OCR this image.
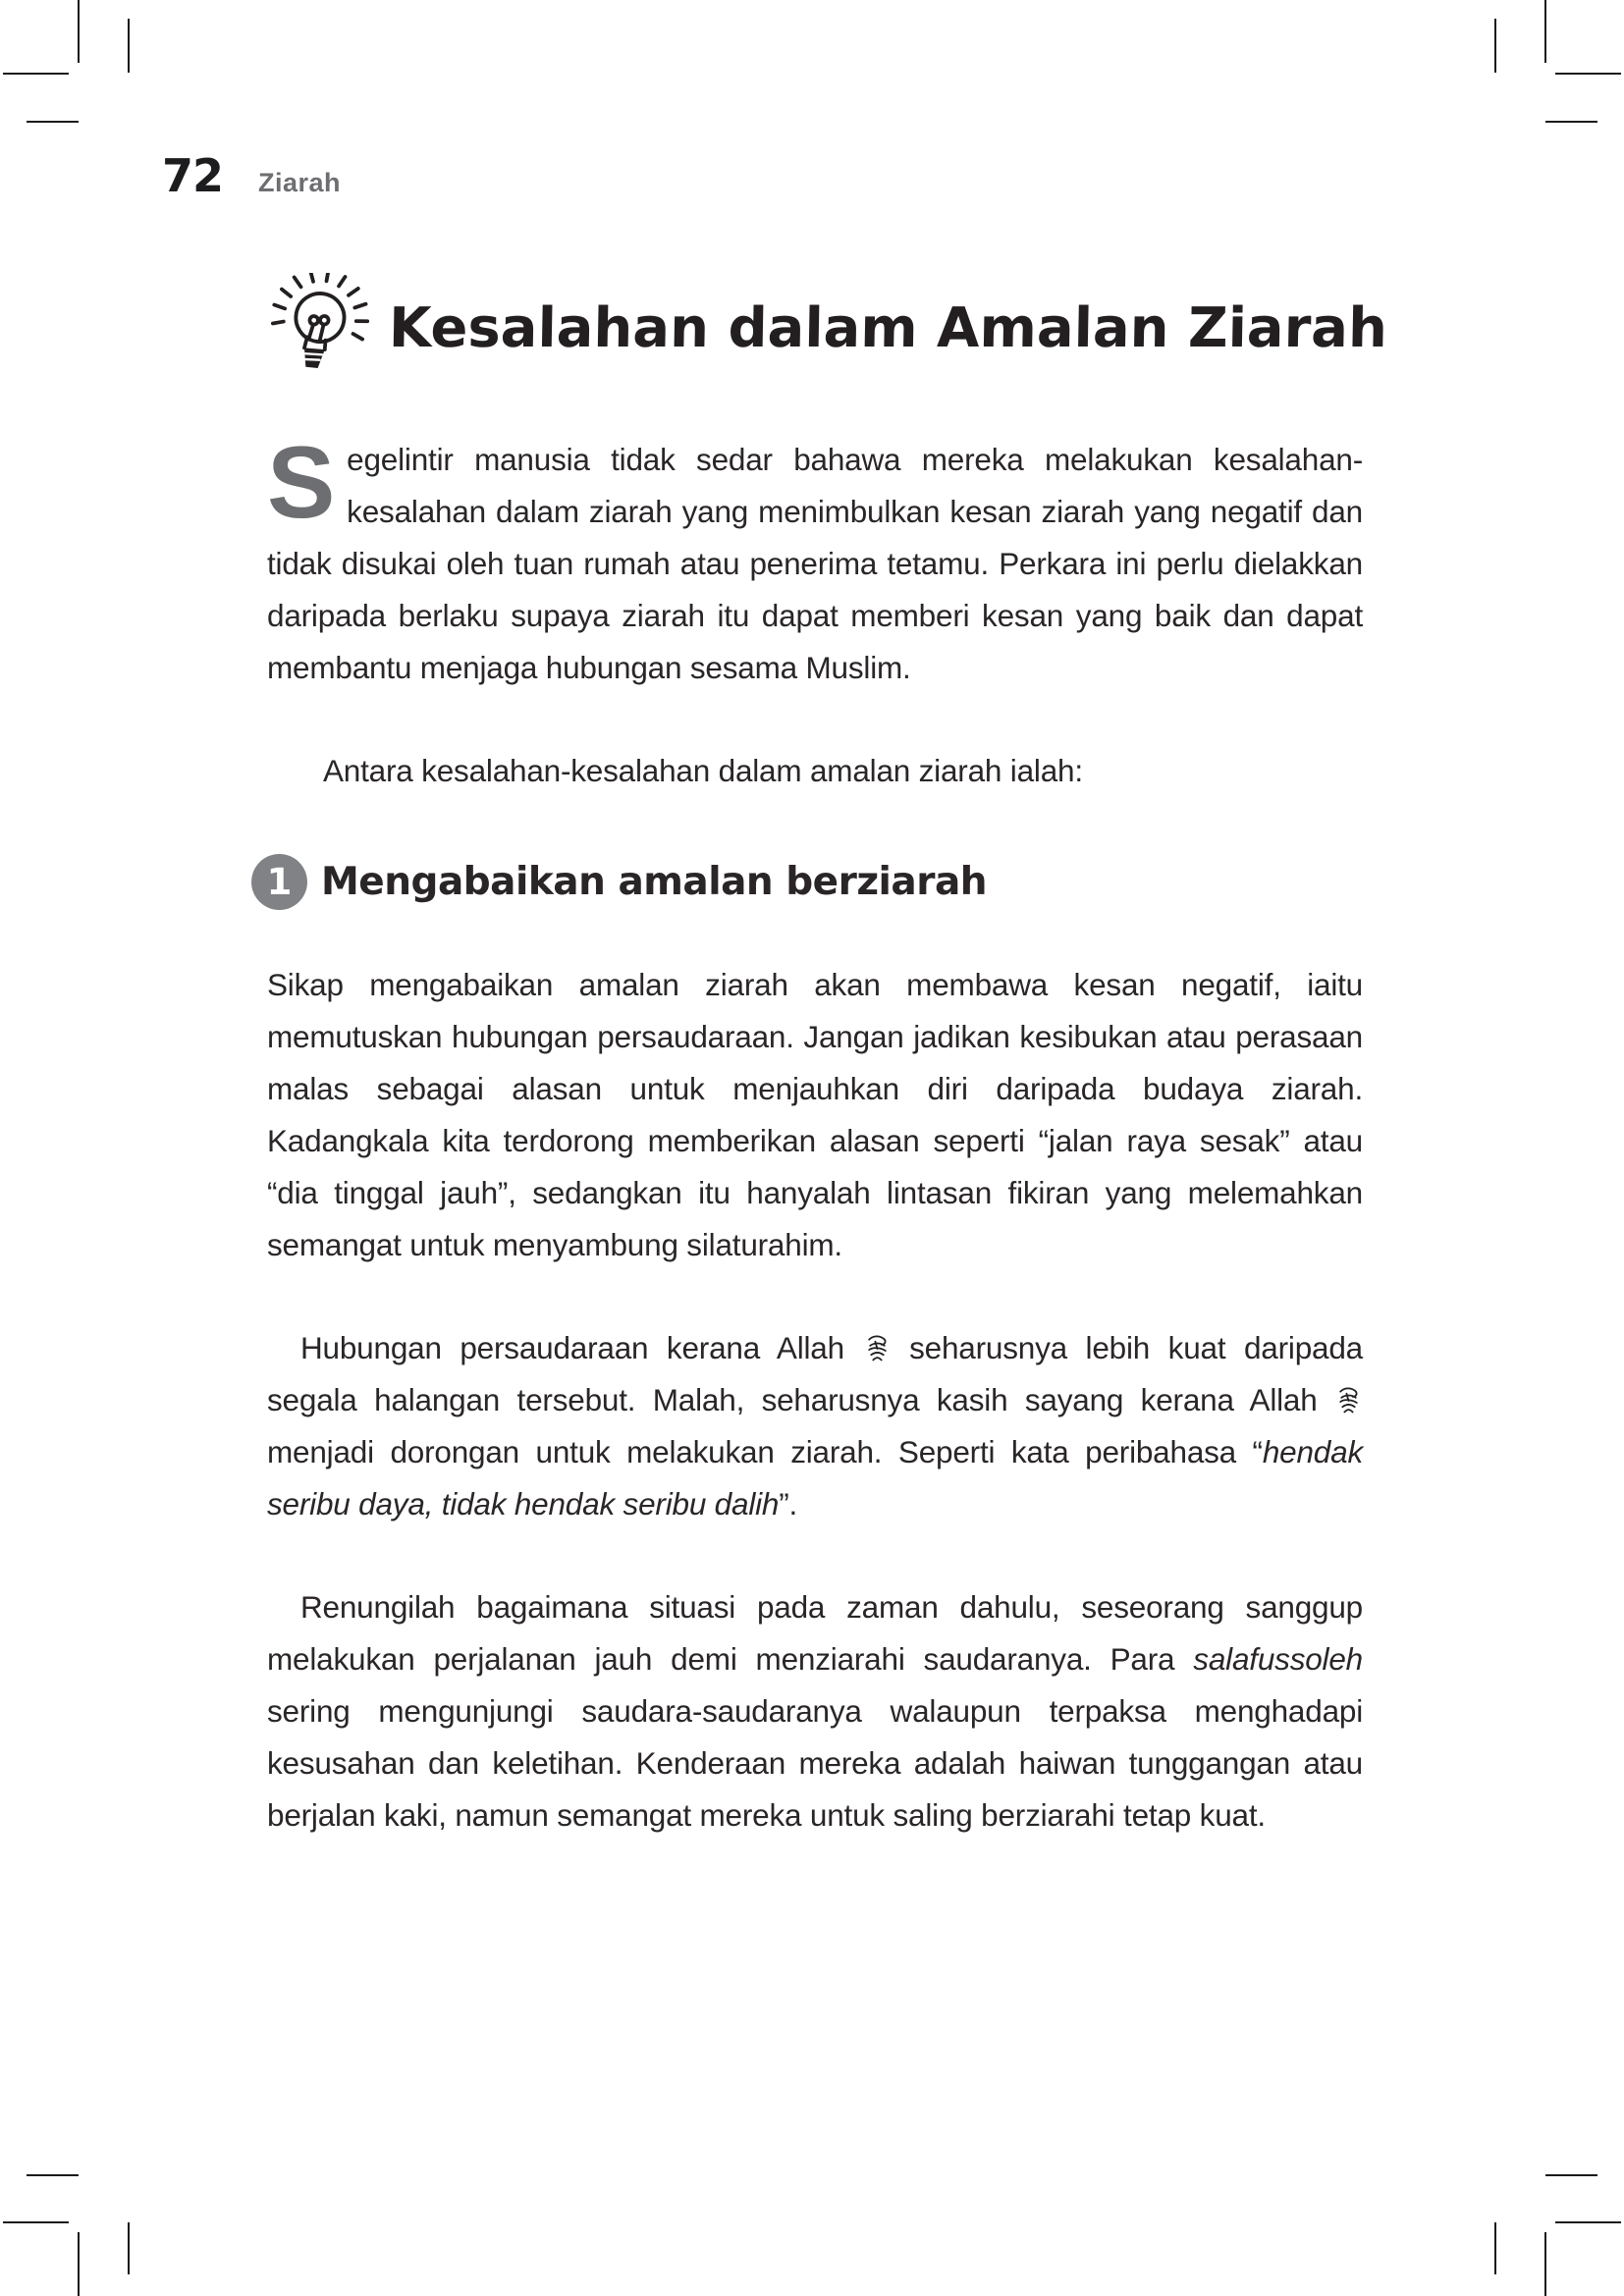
72 Ziarah
Kesalahan dalam Amalan Ziarah

Segelintir manusia tidak sedar bahawa mereka melakukan kesalahan-kesalahan dalam ziarah yang menimbulkan kesan ziarah yang negatif dan tidak disukai oleh tuan rumah atau penerima tetamu. Perkara ini perlu dielakkan daripada berlaku supaya ziarah itu dapat memberi kesan yang baik dan dapat membantu menjaga hubungan sesama Muslim.

Antara kesalahan-kesalahan dalam amalan ziarah ialah:

1 Mengabaikan amalan berziarah

Sikap mengabaikan amalan ziarah akan membawa kesan negatif, iaitu memutuskan hubungan persaudaraan. Jangan jadikan kesibukan atau perasaan malas sebagai alasan untuk menjauhkan diri daripada budaya ziarah. Kadangkala kita terdorong memberikan alasan seperti “jalan raya sesak” atau “dia tinggal jauh”, sedangkan itu hanyalah lintasan fikiran yang melemahkan semangat untuk menyambung silaturahim.

Hubungan persaudaraan kerana Allah
seharusnya lebih kuat daripada segala halangan tersebut. Malah, seharusnya kasih sayang kerana Allah
menjadi dorongan untuk melakukan ziarah. Seperti kata peribahasa “hendak seribu daya, tidak hendak seribu dalih”.

Renungilah bagaimana situasi pada zaman dahulu, seseorang sanggup melakukan perjalanan jauh demi menziarahi saudaranya. Para salafussoleh sering mengunjungi saudara-saudaranya walaupun terpaksa menghadapi kesusahan dan keletihan. Kenderaan mereka adalah haiwan tunggangan atau berjalan kaki, namun semangat mereka untuk saling berziarahi tetap kuat.
